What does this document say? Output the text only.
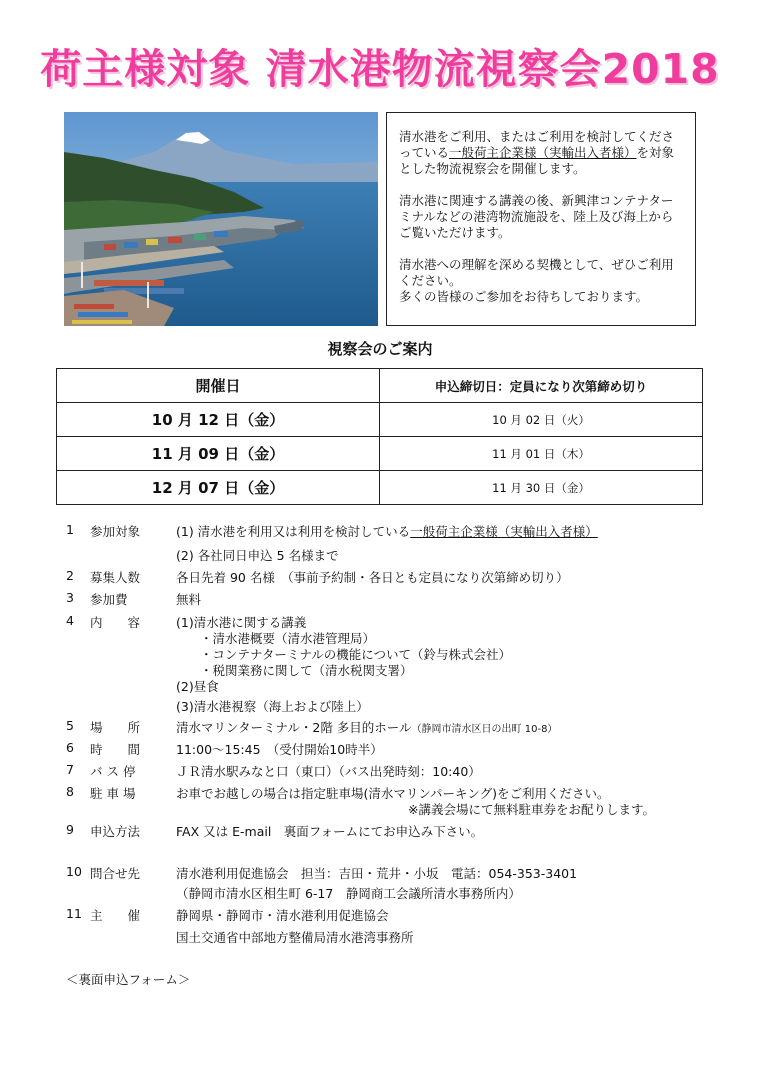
荷主様対象 清水港物流視察会2018

清水港をご利用、またはご利用を検討してくださっている一般荷主企業様（実輸出入者様）を対象とした物流視察会を開催します。

清水港に関連する講義の後、新興津コンテナターミナルなどの港湾物流施設を、陸上及び海上からご覧いただけます。

清水港への理解を深める契機として、ぜひご利用ください。

多くの皆様のご参加をお待ちしております。

視察会のご案内
開催日	申込締切日：定員になり次第締め切り
10 月 12 日（金）	10 月 02 日（火）
11 月 09 日（金）	11 月 01 日（木）
12 月 07 日（金）	11 月 30 日（金）
1 参加対象	(1) 清水港を利用又は利用を検討している一般荷主企業様（実輸出入者様）
(2) 各社同日申込 5 名様まで
2 募集人数	各日先着 90 名様　（事前予約制・各日とも定員になり次第締め切り）
3 参加費	無料
4 内　　容	(1)清水港に関する講義
・清水港概要（清水港管理局）
・コンテナターミナルの機能について（鈴与株式会社）
・税関業務に関して（清水税関支署）
(2)昼食
(3)清水港視察（海上および陸上）
5 場　　所	清水マリンターミナル・2階 多目的ホール（静岡市清水区日の出町 10-8）
6 時　　間	11:00～15:45　（受付開始10時半）
7 バ ス 停	ＪＲ清水駅みなと口（東口）（バス出発時刻：10:40）
8 駐 車 場	お車でお越しの場合は指定駐車場(清水マリンパーキング)をご利用ください。
※講義会場にて無料駐車券をお配りします。
9 申込方法	FAX 又は E-mail　裏面フォームにてお申込み下さい。
10 問合せ先	清水港利用促進協会　担当：吉田・荒井・小坂　電話：054-353-3401
（静岡市清水区相生町 6-17　静岡商工会議所清水事務所内）
11 主　　催	静岡県・静岡市・清水港利用促進協会
国土交通省中部地方整備局清水港湾事務所
＜裏面申込フォーム＞
